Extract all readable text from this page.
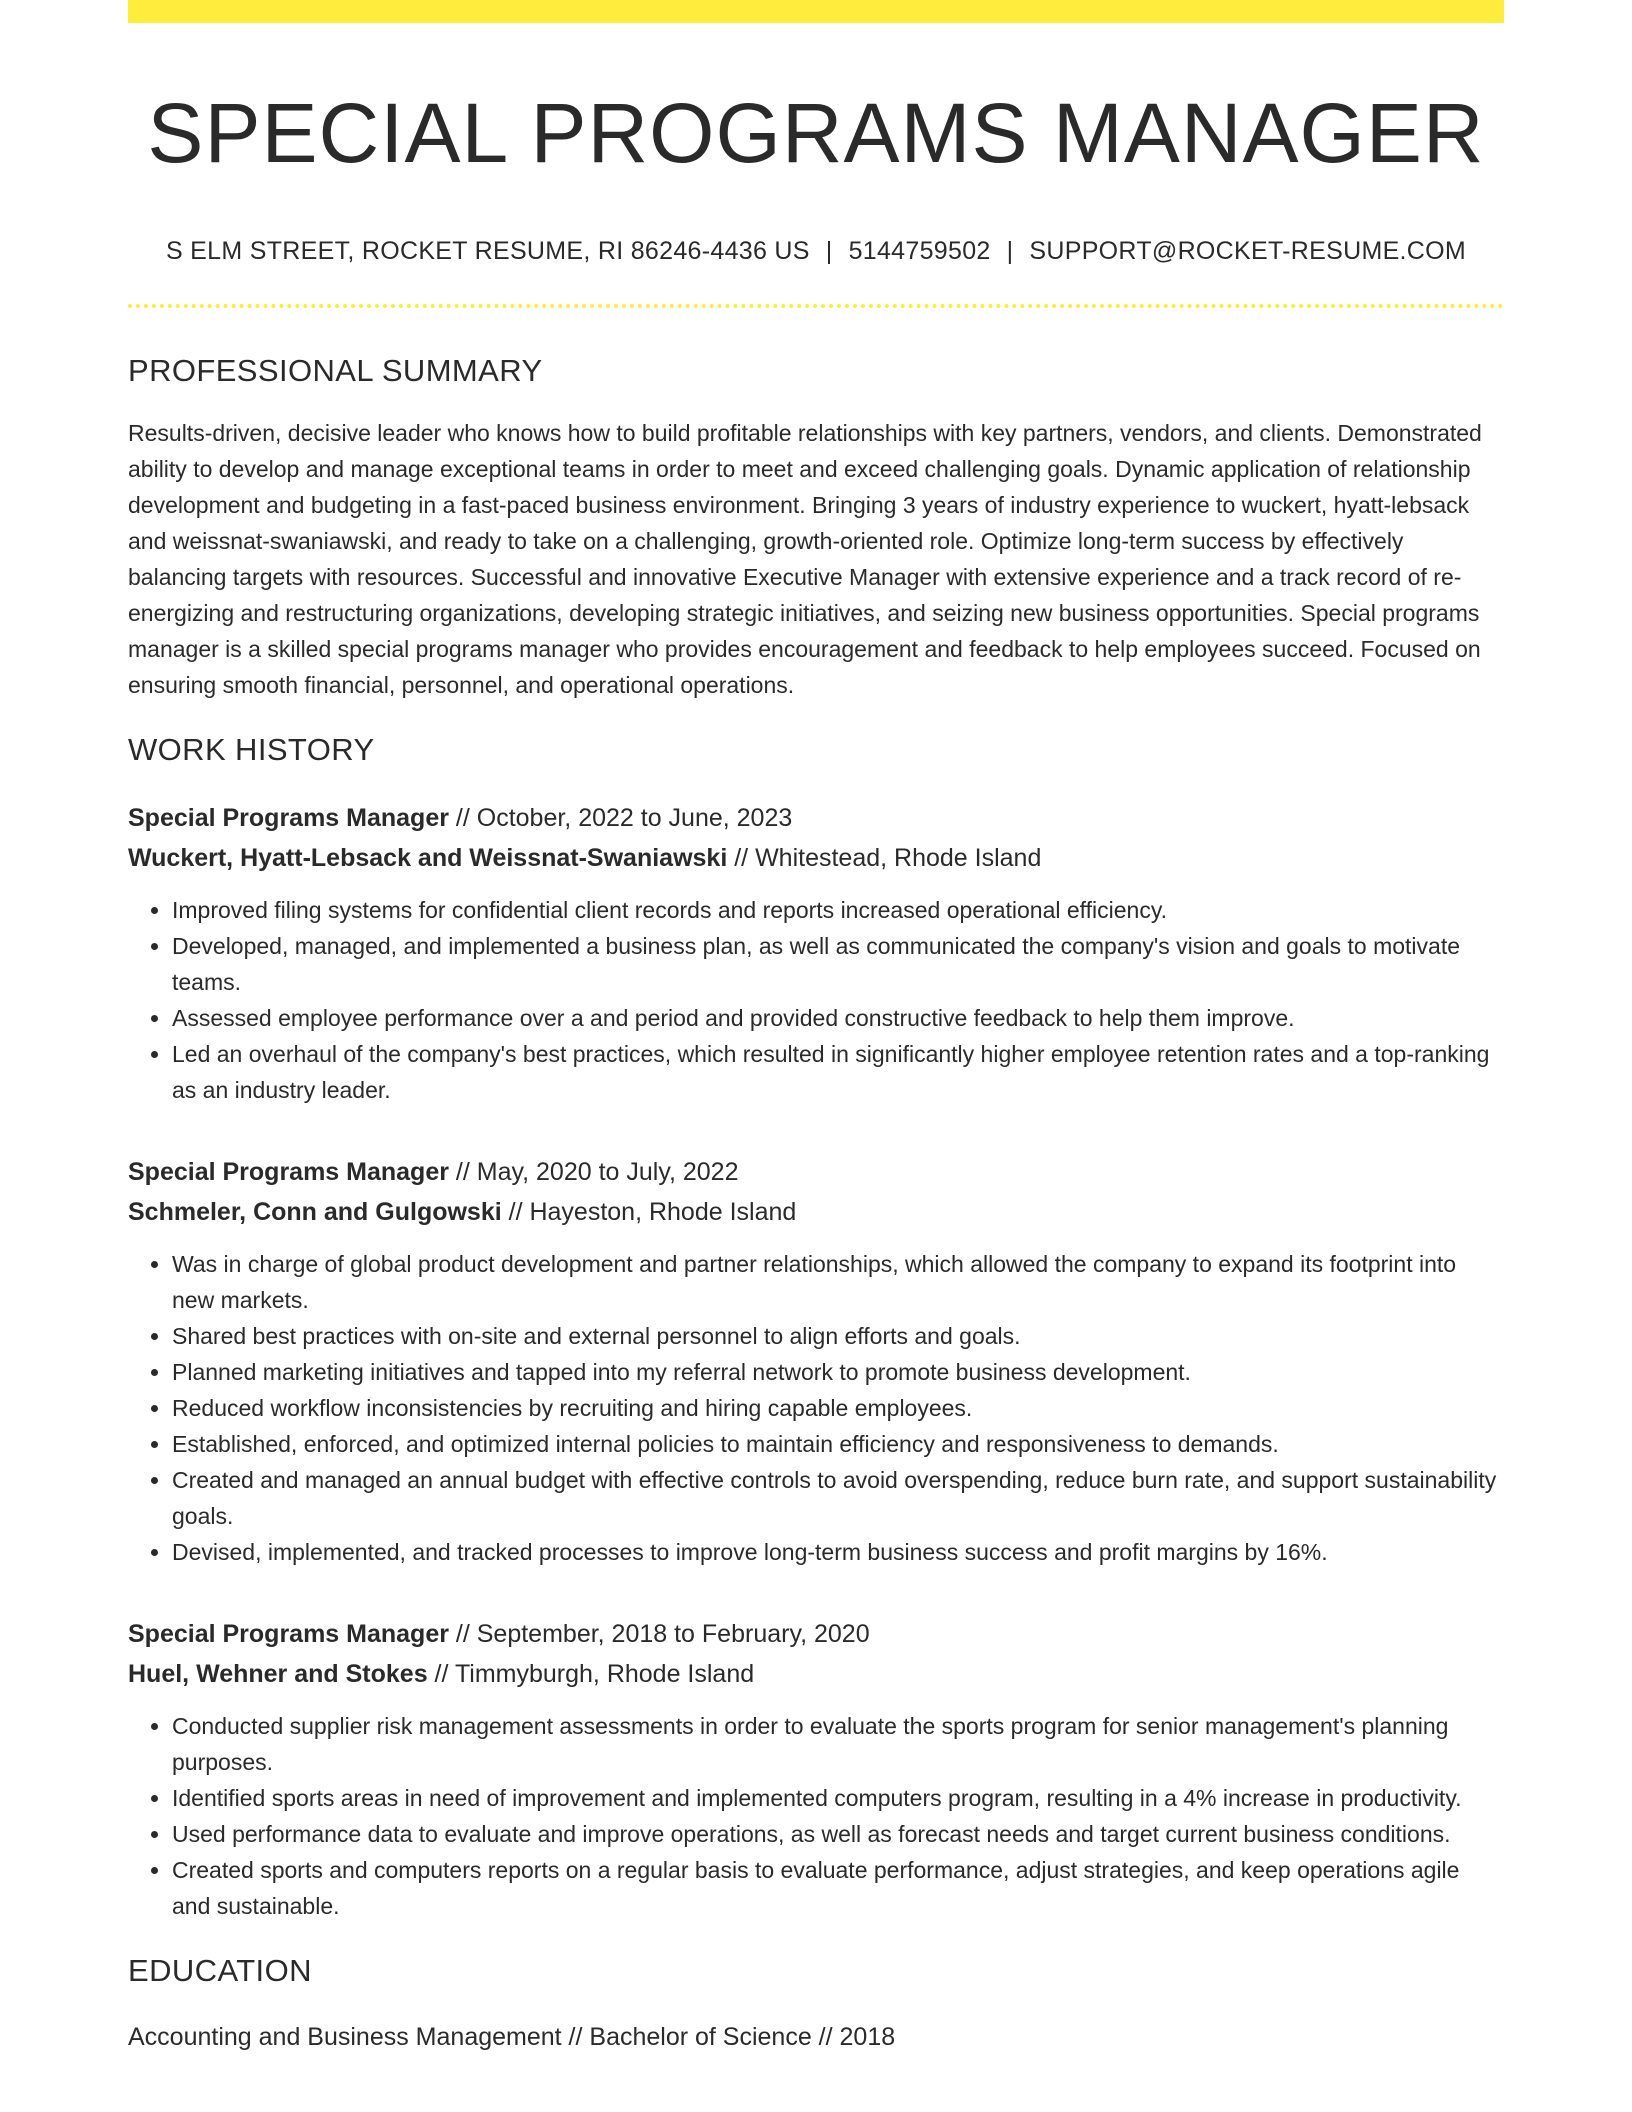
SPECIAL PROGRAMS MANAGER
S ELM STREET, ROCKET RESUME, RI 86246-4436 US | 5144759502 | SUPPORT@ROCKET-RESUME.COM
PROFESSIONAL SUMMARY

Results-driven, decisive leader who knows how to build profitable relationships with key partners, vendors, and clients. Demonstrated ability to develop and manage exceptional teams in order to meet and exceed challenging goals. Dynamic application of relationship development and budgeting in a fast-paced business environment. Bringing 3 years of industry experience to wuckert, hyatt-lebsack and weissnat-swaniawski, and ready to take on a challenging, growth-oriented role. Optimize long-term success by effectively balancing targets with resources. Successful and innovative Executive Manager with extensive experience and a track record of re-energizing and restructuring organizations, developing strategic initiatives, and seizing new business opportunities. Special programs manager is a skilled special programs manager who provides encouragement and feedback to help employees succeed. Focused on ensuring smooth financial, personnel, and operational operations.

WORK HISTORY
Special Programs Manager // October, 2022 to June, 2023
Wuckert, Hyatt-Lebsack and Weissnat-Swaniawski // Whitestead, Rhode Island
• Improved filing systems for confidential client records and reports increased operational efficiency.
• Developed, managed, and implemented a business plan, as well as communicated the company's vision and goals to motivate teams.
• Assessed employee performance over a and period and provided constructive feedback to help them improve.
• Led an overhaul of the company's best practices, which resulted in significantly higher employee retention rates and a top-ranking as an industry leader.
Special Programs Manager // May, 2020 to July, 2022
Schmeler, Conn and Gulgowski // Hayeston, Rhode Island
• Was in charge of global product development and partner relationships, which allowed the company to expand its footprint into new markets.
• Shared best practices with on-site and external personnel to align efforts and goals.
• Planned marketing initiatives and tapped into my referral network to promote business development.
• Reduced workflow inconsistencies by recruiting and hiring capable employees.
• Established, enforced, and optimized internal policies to maintain efficiency and responsiveness to demands.
• Created and managed an annual budget with effective controls to avoid overspending, reduce burn rate, and support sustainability goals.
• Devised, implemented, and tracked processes to improve long-term business success and profit margins by 16%.
Special Programs Manager // September, 2018 to February, 2020
Huel, Wehner and Stokes // Timmyburgh, Rhode Island
• Conducted supplier risk management assessments in order to evaluate the sports program for senior management's planning purposes.
• Identified sports areas in need of improvement and implemented computers program, resulting in a 4% increase in productivity.
• Used performance data to evaluate and improve operations, as well as forecast needs and target current business conditions.
• Created sports and computers reports on a regular basis to evaluate performance, adjust strategies, and keep operations agile and sustainable.
EDUCATION
Accounting and Business Management // Bachelor of Science // 2018
